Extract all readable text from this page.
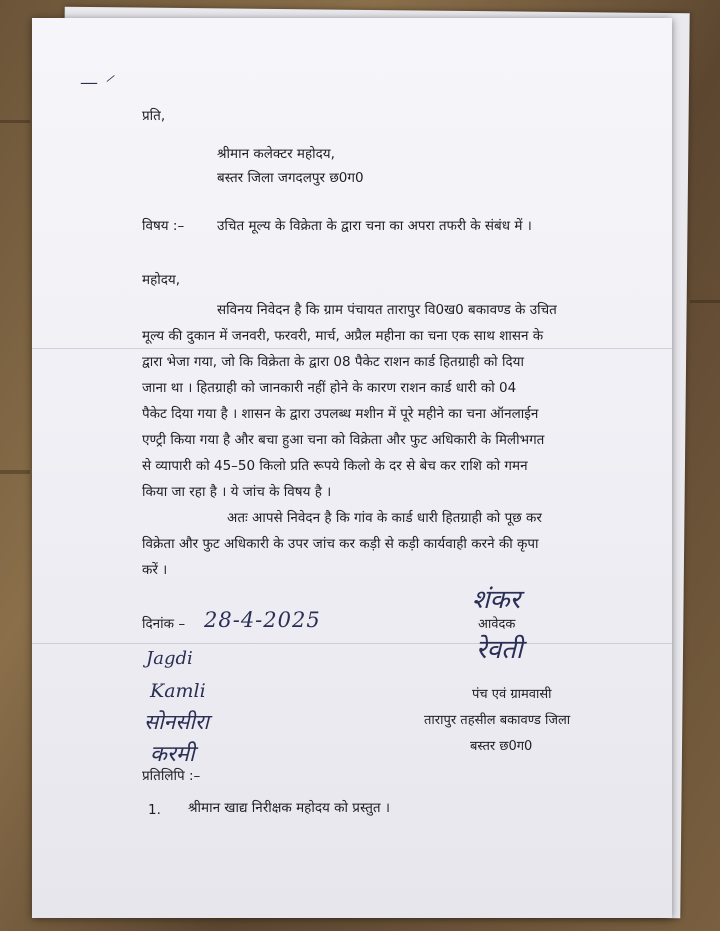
— ⸍
प्रति,
श्रीमान कलेक्टर महोदय,
बस्तर जिला जगदलपुर छ0ग0
विषय :– उचित मूल्य के विक्रेता के द्वारा चना का अपरा तफरी के संबंध में ।
महोदय,
सविनय निवेदन है कि ग्राम पंचायत तारापुर वि0ख0 बकावण्ड के उचित
मूल्य की दुकान में जनवरी, फरवरी, मार्च, अप्रैल महीना का चना एक साथ शासन के
द्वारा भेजा गया, जो कि विक्रेता के द्वारा 08 पैकेट राशन कार्ड हितग्राही को दिया
जाना था । हितग्राही को जानकारी नहीं होने के कारण राशन कार्ड धारी को 04
पैकेट दिया गया है । शासन के द्वारा उपलब्ध मशीन में पूरे महीने का चना ऑनलाईन
एण्ट्री किया गया है और बचा हुआ चना को विक्रेता और फुट अधिकारी के मिलीभगत
से व्यापारी को 45–50 किलो प्रति रूपये किलो के दर से बेच कर राशि को गमन
किया जा रहा है । ये जांच के विषय है ।
अतः आपसे निवेदन है कि गांव के कार्ड धारी हितग्राही को पूछ कर
विक्रेता और फुट अधिकारी के उपर जांच कर कड़ी से कड़ी कार्यवाही करने की कृपा
करें ।
दिनांक – 28-4-2025
शंकर
आवेदक
रेवती
पंच एवं ग्रामवासी
तारापुर तहसील बकावण्ड जिला
बस्तर छ0ग0
Jagdi
Kamli
सोनसीरा
करमी
प्रतिलिपि :–
1. श्रीमान खाद्य निरीक्षक महोदय को प्रस्तुत ।
